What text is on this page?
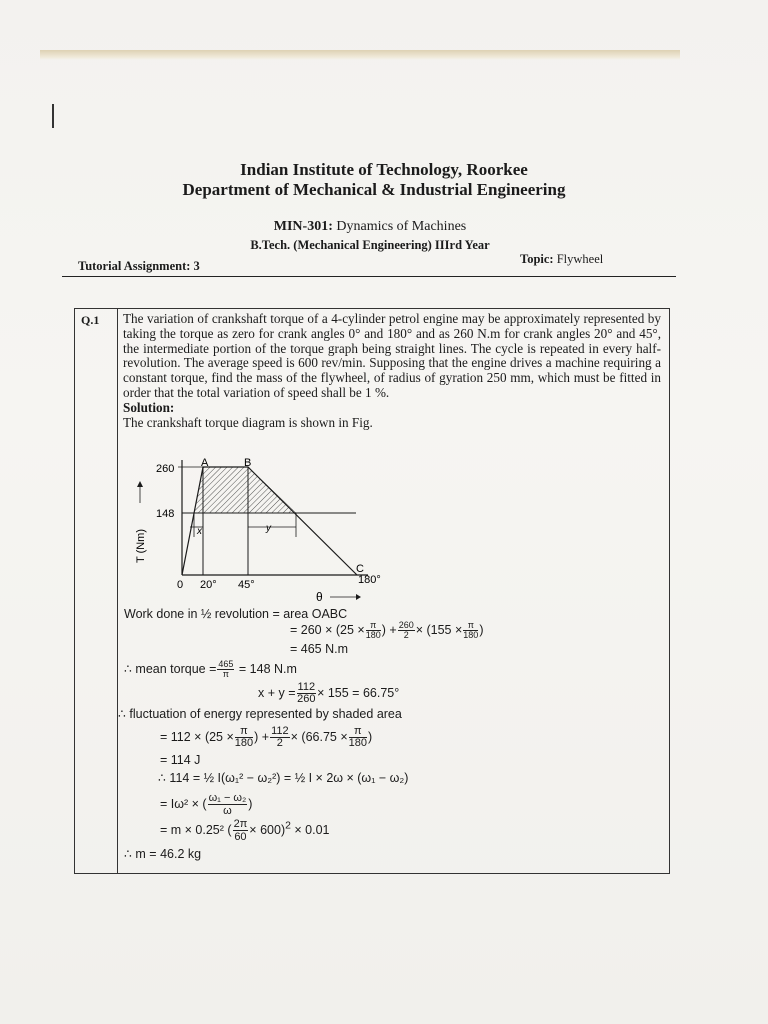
Indian Institute of Technology, Roorkee
Department of Mechanical & Industrial Engineering
MIN-301: Dynamics of Machines
B.Tech. (Mechanical Engineering) IIIrd Year
Tutorial Assignment: 3	Topic: Flywheel
Q.1 The variation of crankshaft torque of a 4-cylinder petrol engine may be approximately represented by taking the torque as zero for crank angles 0° and 180° and as 260 N.m for crank angles 20° and 45°, the intermediate portion of the torque graph being straight lines. The cycle is repeated in every half-revolution. The average speed is 600 rev/min. Supposing that the engine drives a machine requiring a constant torque, find the mass of the flywheel, of radius of gyration 250 mm, which must be fitted in order that the total variation of speed shall be 1 %.

Solution:

The crankshaft torque diagram is shown in Fig.

x	y
260
148
A	B
C
0 20° 45°	180°
θ
T (Nm)
Work done in ½ revolution = area OABC
= $260 \times (25 \times \frac{\pi}{180}$ ) + $\frac{260}{2} \times (155 \times \frac{\pi}{180}$ )
= 465 N.m
∴ mean torque = $\frac{465}{\pi} = 148$ N.m
$x + y = \frac{112}{260} \times 155 = 66.75^\circ$
∴ fluctuation of energy represented by shaded area
= $112 \times (25 \times \frac{\pi}{180}$ ) + $\frac{112}{2} \times (66.75 \times \frac{\pi}{180}$ )
= 114 J
∴ 114 = ½ I(ω₁² − ω₂²) = ½ I × 2ω × (ω₁ − ω₂)
= Iω² × ( $\frac{\text{ω₁ − ω₂}}{\omega}$ )
= m × 0.25² ( $\frac{2\pi}{60} \times 600)^2 \times 0.01$
∴ m = 46.2 kg
